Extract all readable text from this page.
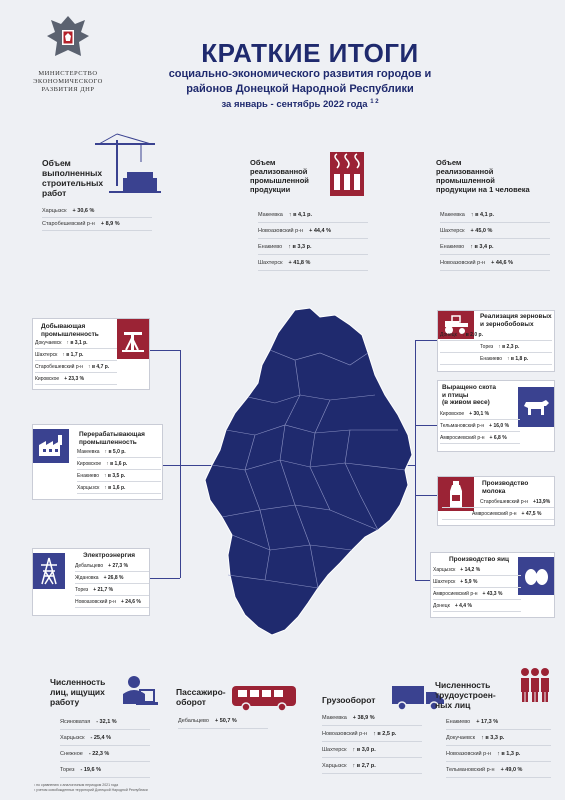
МИНИСТЕРСТВО
ЭКОНОМИЧЕСКОГО
РАЗВИТИЯ ДНР
КРАТКИЕ ИТОГИ
социально-экономического развития городов и
районов Донецкой Народной Республики
за январь - сентябрь 2022 года $^{1 2}$
Объем
выполненных
строительных
работ
Харцызск + 30,6 %
Старобешевский р-н + 8,9 %
Объем
реализованной
промышленной
продукции
Макеевка ↑ в 4,1 р.
Новоазовский р-н + 44,4 %
Енакиево ↑ в 3,3 р.
Шахтерск + 41,8 %
Объем
реализованной
промышленной
продукции на 1 человека
Макеевка ↑ в 4,1 р.
Шахтерск + 45,0 %
Енакиево ↑ в 3,4 р.
Новоазовский р-н + 44,6 %
Добывающая
промышленность
Докучаевск ↑ в 3,1 р.
Шахтерск ↑ в 1,7 р.
Старобешевский р-н ↑ в 4,7 р.
Кировское + 23,3 %
Перерабатывающая
промышленность
Макеевка ↑ в 5,0 р.
Кировское ↑ в 1,6 р.
Енакиево ↑ в 3,5 р.
Харцызск ↑ в 1,6 р.
Электроэнергия
Дебальцево + 27,3 %
Ждановка + 26,8 %
Торез + 21,7 %
Новоазовский р-н + 24,6 %
Реализация зерновых
и зернобобовых
Донецк ↑ в 2,0 р.
Торез ↑ в 2,3 р.
Енакиево ↑ в 1,8 р.
Выращено скота
и птицы
(в живом весе)
Кировское + 30,1 %
Тельмановский р-н + 16,0 %
Амвросиевский р-н + 6,8 %
Производство
молока
Старобешевский р-н +13,9%
Амвросиевский р-н + 47,5 %
Производство яиц
Харцызск + 14,2 %
Шахтерск + 5,9 %
Амвросиевский р-н + 43,3 %
Донецк + 4,4 %
Численность
лиц, ищущих
работу
Ясиноватая - 32,1 %
Харцызск - 25,4 %
Снежное - 22,3 %
Торез - 19,6 %
Пассажиро-
оборот
Дебальцево + 50,7 %
Грузооборот
Макеевка + 38,9 %
Новоазовский р-н ↑ в 2,5 р.
Шахтерск ↑ в 3,0 р.
Харцызск ↑ в 2,7 р.
Численность
трудоустроен-
ных лиц
Енакиево + 17,3 %
Докучаевск ↑ в 3,3 р.
Новоазовский р-н ↑ в 1,3 р.
Тельмановский р-н + 49,0 %
¹ по сравнению с аналогичным периодом 2021 года
² учетом освобожденных территорий Донецкой Народной Республики
